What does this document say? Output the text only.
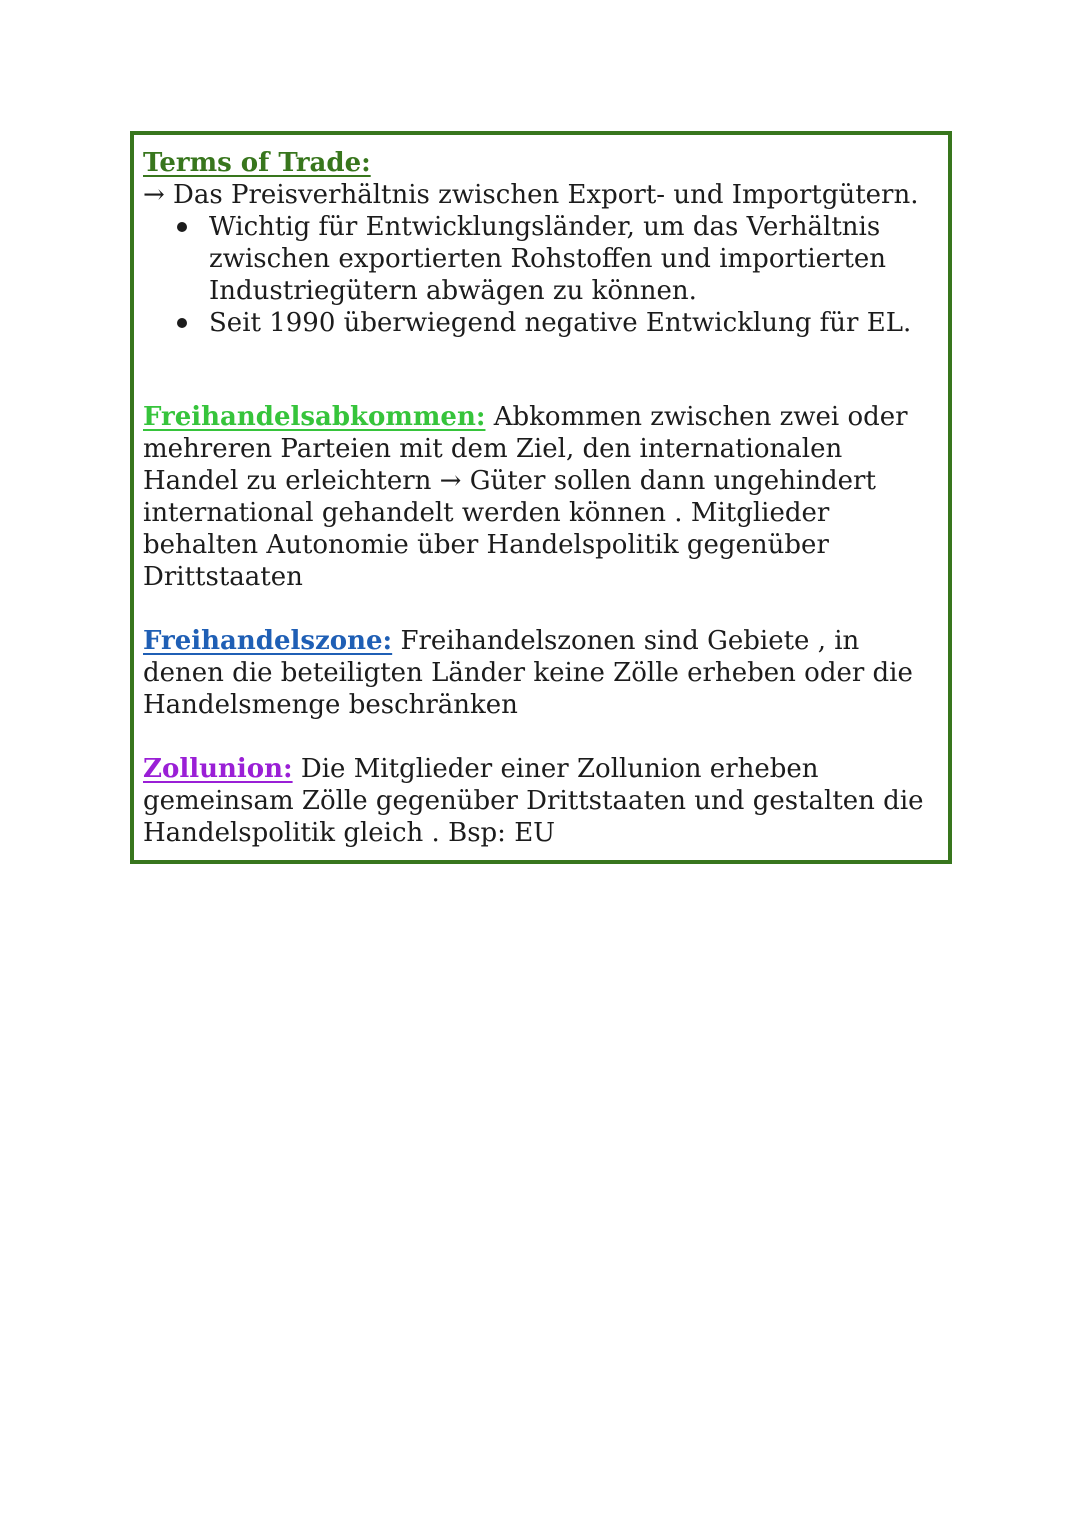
Terms of Trade:
→ Das Preisverhältnis zwischen Export- und Importgütern.
Wichtig für Entwicklungsländer, um das Verhältnis zwischen exportierten Rohstoffen und importierten Industriegütern abwägen zu können.
Seit 1990 überwiegend negative Entwicklung für EL.

Freihandelsabkommen: Abkommen zwischen zwei oder mehreren Parteien mit dem Ziel, den internationalen Handel zu erleichtern → Güter sollen dann ungehindert international gehandelt werden können . Mitglieder behalten Autonomie über Handelspolitik gegenüber Drittstaaten

Freihandelszone: Freihandelszonen sind Gebiete , in denen die beteiligten Länder keine Zölle erheben oder die Handelsmenge beschränken

Zollunion: Die Mitglieder einer Zollunion erheben gemeinsam Zölle gegenüber Drittstaaten und gestalten die Handelspolitik gleich . Bsp: EU
